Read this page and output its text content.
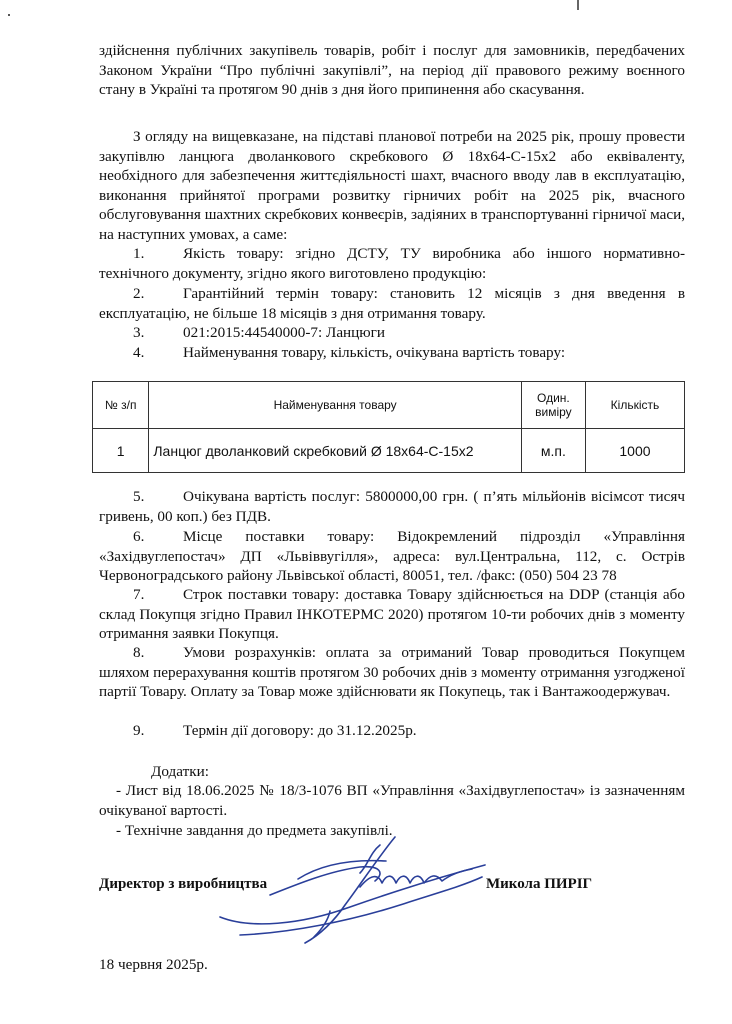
здійснення публічних закупівель товарів, робіт і послуг для замовників, передбачених Законом України “Про публічні закупівлі”, на період дії правового режиму воєнного стану в Україні та протягом 90 днів з дня його припинення або скасування.

З огляду на вищевказане, на підставі планової потреби на 2025 рік, прошу провести закупівлю ланцюга дволанкового скребкового Ø 18х64-С-15х2 або еквіваленту, необхідного для забезпечення життєдіяльності шахт, вчасного вводу лав в експлуатацію, виконання прийнятої програми розвитку гірничих робіт на 2025 рік, вчасного обслуговування шахтних скребкових конвеєрів, задіяних в транспортуванні гірничої маси, на наступних умовах, а саме:

1.	Якість товару: згідно ДСТУ, ТУ виробника або іншого нормативно-технічного документу, згідно якого виготовлено продукцію:

2.	Гарантійний термін товару: становить 12 місяців з дня введення в експлуатацію, не більше 18 місяців з дня отримання товару.

3.	021:2015:44540000-7: Ланцюги

4.	Найменування товару, кількість, очікувана вартість товару:

№ з/п	Найменування товару	Один. виміру	Кількість
1	Ланцюг дволанковий скребковий Ø 18х64-С-15х2	м.п.	1000

5.	Очікувана вартість послуг: 5800000,00 грн. ( п’ять мільйонів вісімсот тисяч гривень, 00 коп.) без ПДВ.

6.	Місце поставки товару: Відокремлений підрозділ «Управління «Західвуглепостач» ДП «Львіввугілля», адреса: вул.Центральна, 112, с. Острів Червоноградського району Львівської області, 80051, тел. /факс: (050) 504 23 78

7.	Строк поставки товару: доставка Товару здійснюється на DDP (станція або склад Покупця згідно Правил ІНКОТЕРМС 2020) протягом 10-ти робочих днів з моменту отримання заявки Покупця.

8.	Умови розрахунків: оплата за отриманий Товар проводиться Покупцем шляхом перерахування коштів протягом 30 робочих днів з моменту отримання узгодженої партії Товару. Оплату за Товар може здійснювати як Покупець, так і Вантажоодержувач.

9.	Термін дії договору: до 31.12.2025р.

Додатки:

- Лист від 18.06.2025 № 18/3-1076 ВП «Управління «Західвуглепостач» із зазначенням очікуваної вартості.

- Технічне завдання до предмета закупівлі.

Директор з виробництва	Микола ПИРІГ
18 червня 2025р.
